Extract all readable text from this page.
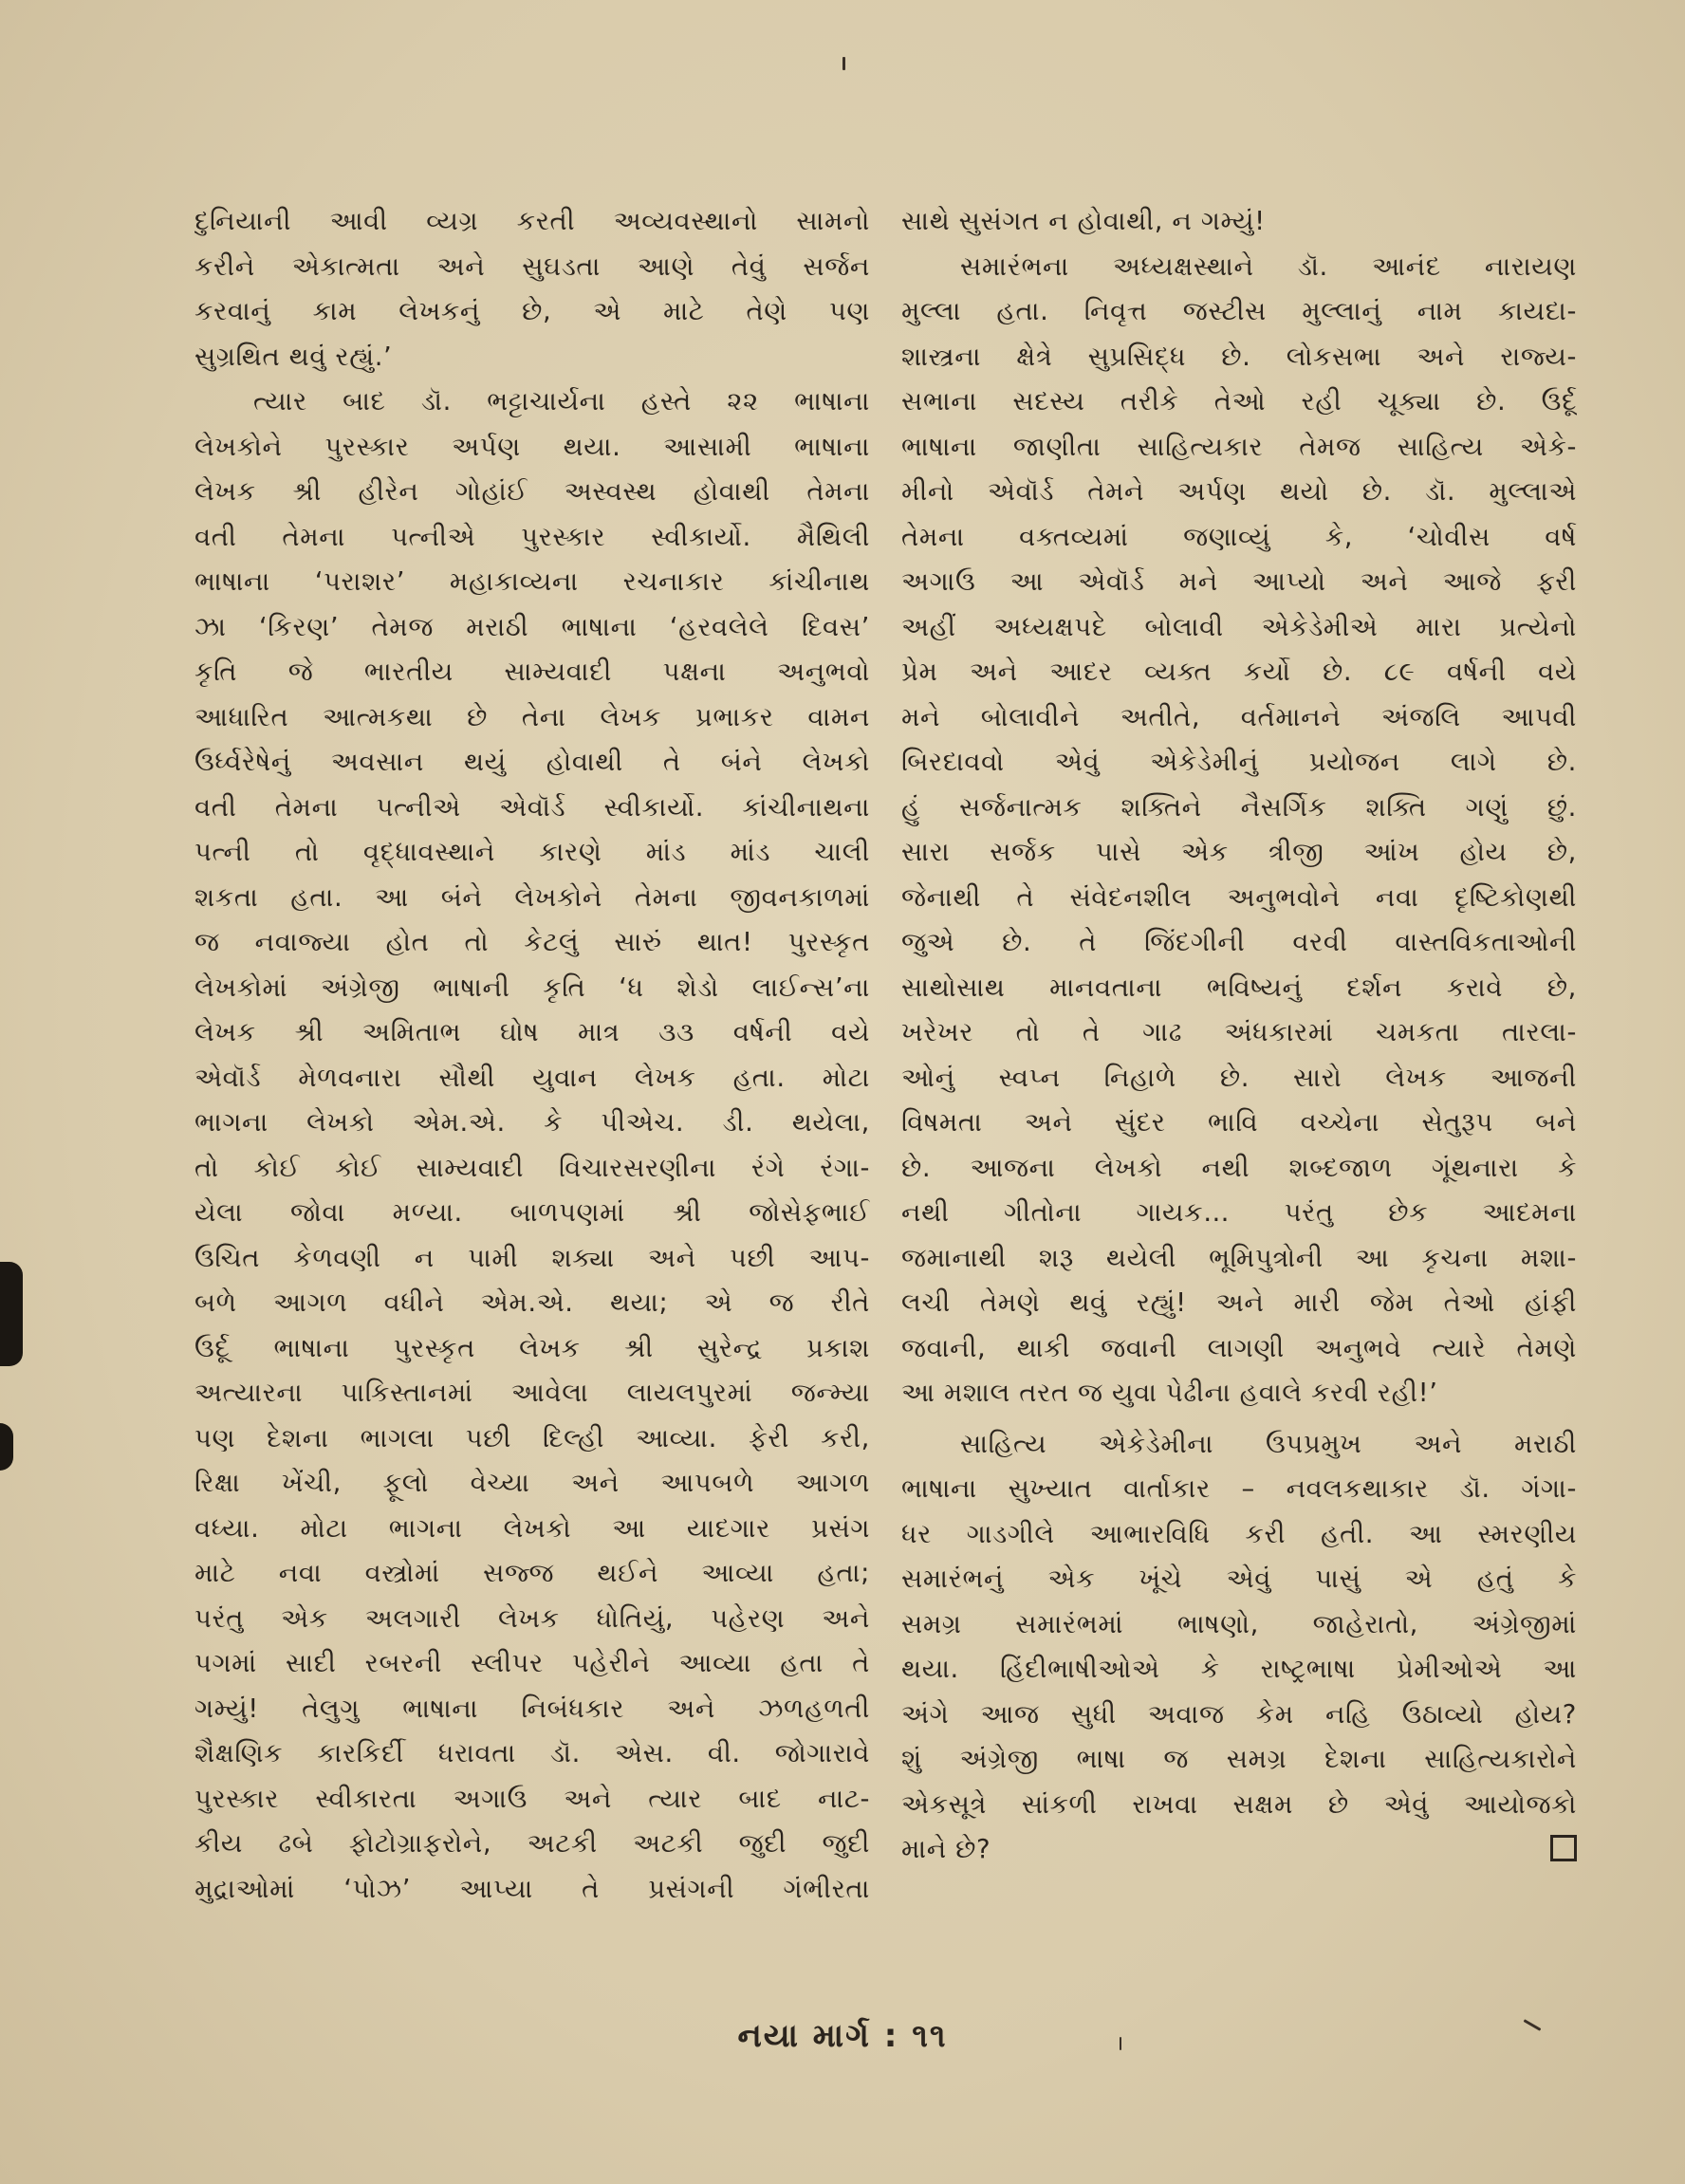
દુનિયાની આવી વ્યગ્ર કરતી અવ્યવસ્થાનો સામનો
કરીને એકાત્મતા અને સુઘડતા આણે તેવું સર્જન
કરવાનું કામ લેખકનું છે, એ માટે તેણે પણ
સુગ્રથિત થવું રહ્યું.’
ત્યાર બાદ ડૉ. ભટ્ટાચાર્યના હસ્તે ૨૨ ભાષાના
લેખકોને પુરસ્કાર અર્પણ થયા. આસામી ભાષાના
લેખક શ્રી હીરેન ગોહાંઈ અસ્વસ્થ હોવાથી તેમના
વતી તેમના પત્નીએ પુરસ્કાર સ્વીકાર્યો. મૈથિલી
ભાષાના ‘પરાશર’ મહાકાવ્યના રચનાકાર કાંચીનાથ
ઝા ‘કિરણ’ તેમજ મરાઠી ભાષાના ‘હરવલેલે દિવસ’
કૃતિ જે ભારતીય સામ્યવાદી પક્ષના અનુભવો
આધારિત આત્મકથા છે તેના લેખક પ્રભાકર વામન
ઉર્ધ્વરેષેનું અવસાન થયું હોવાથી તે બંને લેખકો
વતી તેમના પત્નીએ એવૉર્ડ સ્વીકાર્યો. કાંચીનાથના
પત્ની તો વૃદ્ધાવસ્થાને કારણે માંડ માંડ ચાલી
શકતા હતા. આ બંને લેખકોને તેમના જીવનકાળમાં
જ નવાજ્યા હોત તો કેટલું સારું થાત! પુરસ્કૃત
લેખકોમાં અંગ્રેજી ભાષાની કૃતિ ‘ધ શેડો લાઈન્સ’ના
લેખક શ્રી અમિતાભ ઘોષ માત્ર ૩૩ વર્ષની વયે
એવૉર્ડ મેળવનારા સૌથી યુવાન લેખક હતા. મોટા
ભાગના લેખકો એમ.એ. કે પીએચ. ડી. થયેલા,
તો કોઈ કોઈ સામ્યવાદી વિચારસરણીના રંગે રંગા-
યેલા જોવા મળ્યા. બાળપણમાં શ્રી જોસેફભાઈ
ઉચિત કેળવણી ન પામી શક્યા અને પછી આપ-
બળે આગળ વધીને એમ.એ. થયા; એ જ રીતે
ઉર્દૂ ભાષાના પુરસ્કૃત લેખક શ્રી સુરેન્દ્ર પ્રકાશ
અત્યારના પાકિસ્તાનમાં આવેલા લાયલપુરમાં જન્મ્યા
પણ દેશના ભાગલા પછી દિલ્હી આવ્યા. ફેરી કરી,
રિક્ષા ખેંચી, ફૂલો વેચ્યા અને આપબળે આગળ
વધ્યા. મોટા ભાગના લેખકો આ યાદગાર પ્રસંગ
માટે નવા વસ્ત્રોમાં સજ્જ થઈને આવ્યા હતા;
પરંતુ એક અલગારી લેખક ધોતિયું, પહેરણ અને
પગમાં સાદી રબરની સ્લીપર પહેરીને આવ્યા હતા તે
ગમ્યું! તેલુગુ ભાષાના નિબંધકાર અને ઝળહળતી
શૈક્ષણિક કારકિર્દી ધરાવતા ડૉ. એસ. વી. જોગારાવે
પુરસ્કાર સ્વીકારતા અગાઉ અને ત્યાર બાદ નાટ-
કીય ઢબે ફોટોગ્રાફરોને, અટકી અટકી જુદી જુદી
મુદ્રાઓમાં ‘પોઝ’ આપ્યા તે પ્રસંગની ગંભીરતા
સાથે સુસંગત ન હોવાથી, ન ગમ્યું!
સમારંભના અધ્યક્ષસ્થાને ડૉ. આનંદ નારાયણ
મુલ્લા હતા. નિવૃત્ત જસ્ટીસ મુલ્લાનું નામ કાયદા-
શાસ્ત્રના ક્ષેત્રે સુપ્રસિદ્ધ છે. લોકસભા અને રાજ્ય-
સભાના સદસ્ય તરીકે તેઓ રહી ચૂક્યા છે. ઉર્દૂ
ભાષાના જાણીતા સાહિત્યકાર તેમજ સાહિત્ય એકે-
મીનો એવૉર્ડ તેમને અર્પણ થયો છે. ડૉ. મુલ્લાએ
તેમના વક્તવ્યમાં જણાવ્યું કે, ‘ચોવીસ વર્ષ
અગાઉ આ એવૉર્ડ મને આપ્યો અને આજે ફરી
અહીં અધ્યક્ષપદે બોલાવી એકેડેમીએ મારા પ્રત્યેનો
પ્રેમ અને આદર વ્યક્ત કર્યો છે. ૮૯ વર્ષની વયે
મને બોલાવીને અતીતે, વર્તમાનને અંજલિ આપવી
બિરદાવવો એવું એકેડેમીનું પ્રયોજન લાગે છે.
હું સર્જનાત્મક શક્તિને નૈસર્ગિક શક્તિ ગણું છું.
સારા સર્જક પાસે એક ત્રીજી આંખ હોય છે,
જેનાથી તે સંવેદનશીલ અનુભવોને નવા દૃષ્ટિકોણથી
જુએ છે. તે જિંદગીની વરવી વાસ્તવિકતાઓની
સાથોસાથ માનવતાના ભવિષ્યનું દર્શન કરાવે છે,
ખરેખર તો તે ગાઢ અંધકારમાં ચમકતા તારલા-
ઓનું સ્વપ્ન નિહાળે છે. સારો લેખક આજની
વિષમતા અને સુંદર ભાવિ વચ્ચેના સેતુરૂપ બને
છે. આજના લેખકો નથી શબ્દજાળ ગૂંથનારા કે
નથી ગીતોના ગાયક… પરંતુ છેક આદમના
જમાનાથી શરૂ થયેલી ભૂમિપુત્રોની આ કૃચના મશા-
લચી તેમણે થવું રહ્યું! અને મારી જેમ તેઓ હાંફી
જવાની, થાકી જવાની લાગણી અનુભવે ત્યારે તેમણે
આ મશાલ તરત જ યુવા પેઢીના હવાલે કરવી રહી!’
સાહિત્ય એકેડેમીના ઉપપ્રમુખ અને મરાઠી
ભાષાના સુખ્યાત વાર્તાકાર – નવલકથાકાર ડૉ. ગંગા-
ધર ગાડગીલે આભારવિધિ કરી હતી. આ સ્મરણીય
સમારંભનું એક ખૂંચે એવું પાસું એ હતું કે
સમગ્ર સમારંભમાં ભાષણો, જાહેરાતો, અંગ્રેજીમાં
થયા. હિંદીભાષીઓએ કે રાષ્ટ્રભાષા પ્રેમીઓએ આ
અંગે આજ સુધી અવાજ કેમ નહિ ઉઠાવ્યો હોય?
શું અંગ્રેજી ભાષા જ સમગ્ર દેશના સાહિત્યકારોને
એકસૂત્રે સાંકળી રાખવા સક્ષમ છે એવું આયોજકો
માને છે?
નયા માર્ગ : ૧૧
